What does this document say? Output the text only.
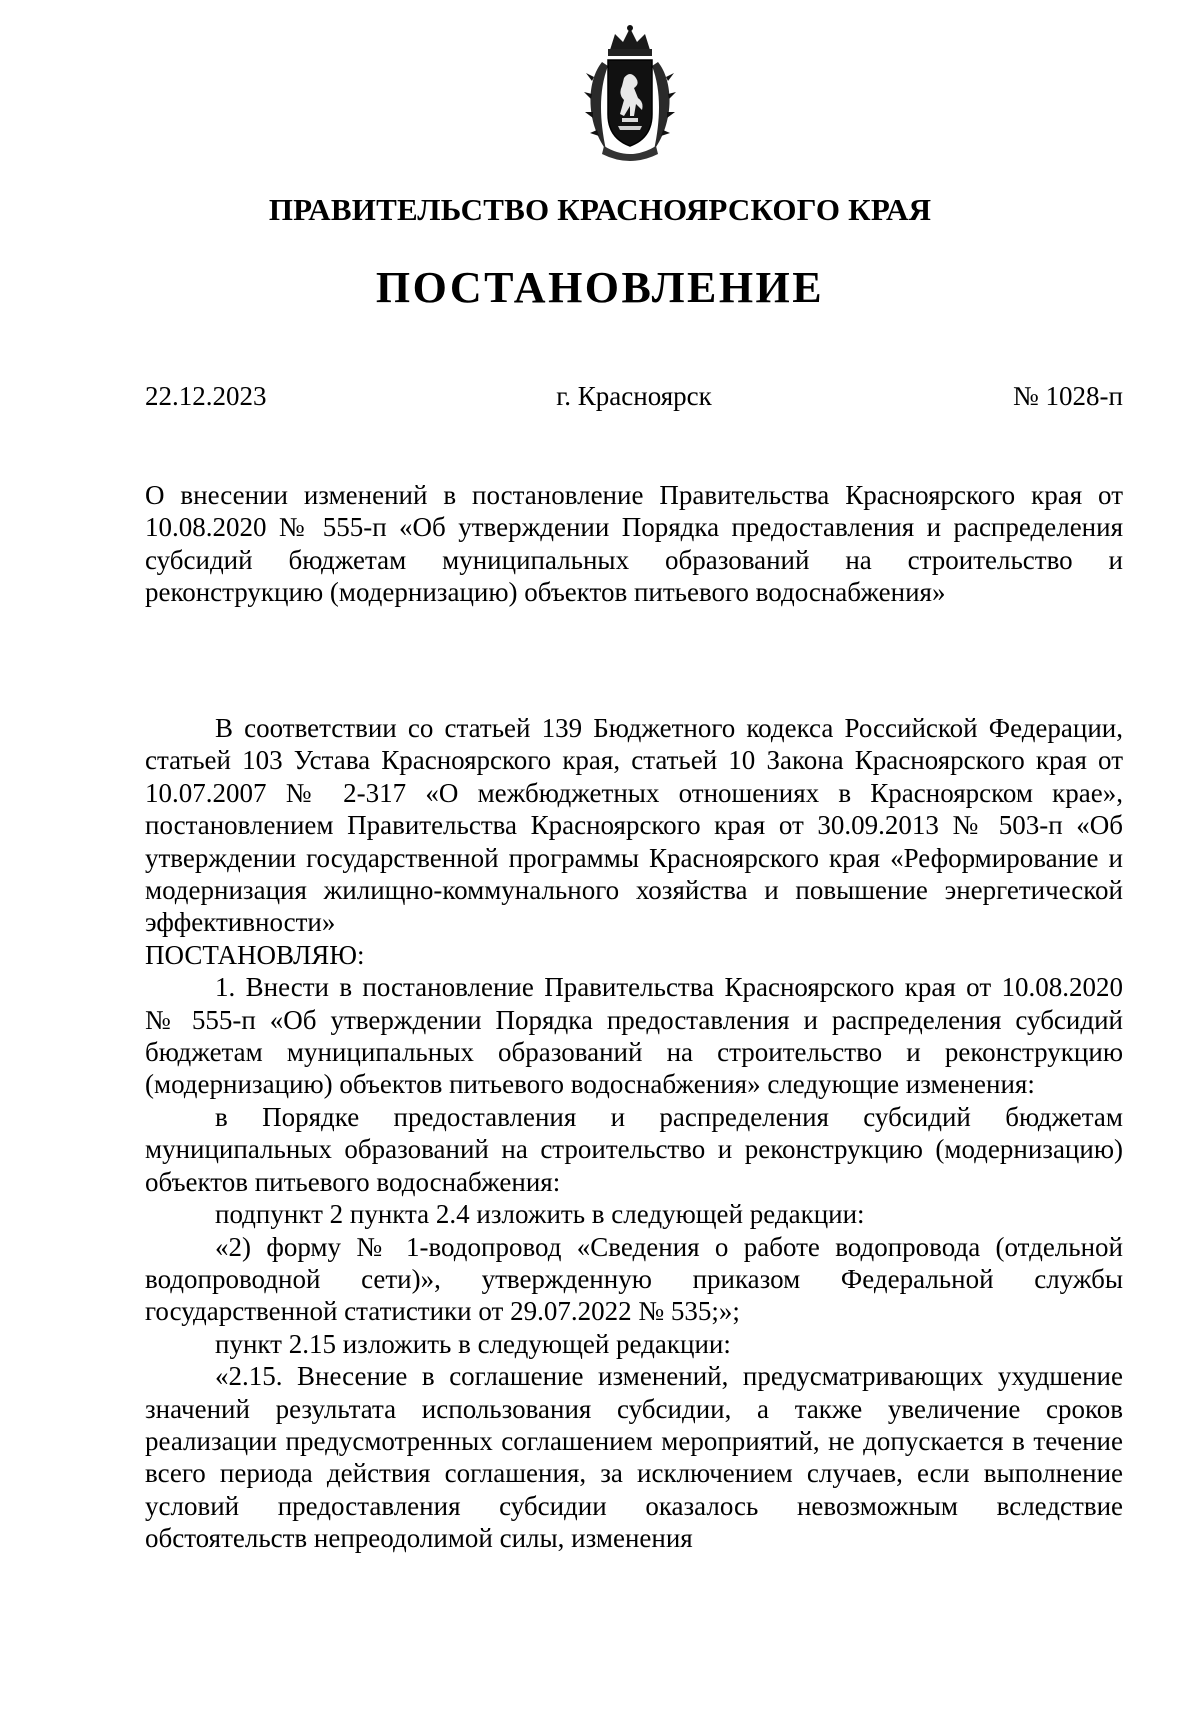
ПРАВИТЕЛЬСТВО КРАСНОЯРСКОГО КРАЯ
ПОСТАНОВЛЕНИЕ
г. Красноярск
22.12.2023	№ 1028-п
О внесении изменений в постановление Правительства Красноярского края от 10.08.2020 № 555-п «Об утверждении Порядка предоставления и распределения субсидий бюджетам муниципальных образований на строительство и реконструкцию (модернизацию) объектов питьевого водоснабжения»

В соответствии со статьей 139 Бюджетного кодекса Российской Федерации, статьей 103 Устава Красноярского края, статьей 10 Закона Красноярского края от 10.07.2007 № 2-317 «О межбюджетных отношениях в Красноярском крае», постановлением Правительства Красноярского края от 30.09.2013 № 503-п «Об утверждении государственной программы Красноярского края «Реформирование и модернизация жилищно-коммунального хозяйства и повышение энергетической эффективности»

ПОСТАНОВЛЯЮ:

1. Внести в постановление Правительства Красноярского края от 10.08.2020 № 555-п «Об утверждении Порядка предоставления и распределения субсидий бюджетам муниципальных образований на строительство и реконструкцию (модернизацию) объектов питьевого водоснабжения» следующие изменения:

в Порядке предоставления и распределения субсидий бюджетам муниципальных образований на строительство и реконструкцию (модернизацию) объектов питьевого водоснабжения:

подпункт 2 пункта 2.4 изложить в следующей редакции:

«2) форму № 1-водопровод «Сведения о работе водопровода (отдельной водопроводной сети)», утвержденную приказом Федеральной службы государственной статистики от 29.07.2022 № 535;»;

пункт 2.15 изложить в следующей редакции:

«2.15. Внесение в соглашение изменений, предусматривающих ухудшение значений результата использования субсидии, а также увеличение сроков реализации предусмотренных соглашением мероприятий, не допускается в течение всего периода действия соглашения, за исключением случаев, если выполнение условий предоставления субсидии оказалось невозможным вследствие обстоятельств непреодолимой силы, изменения
